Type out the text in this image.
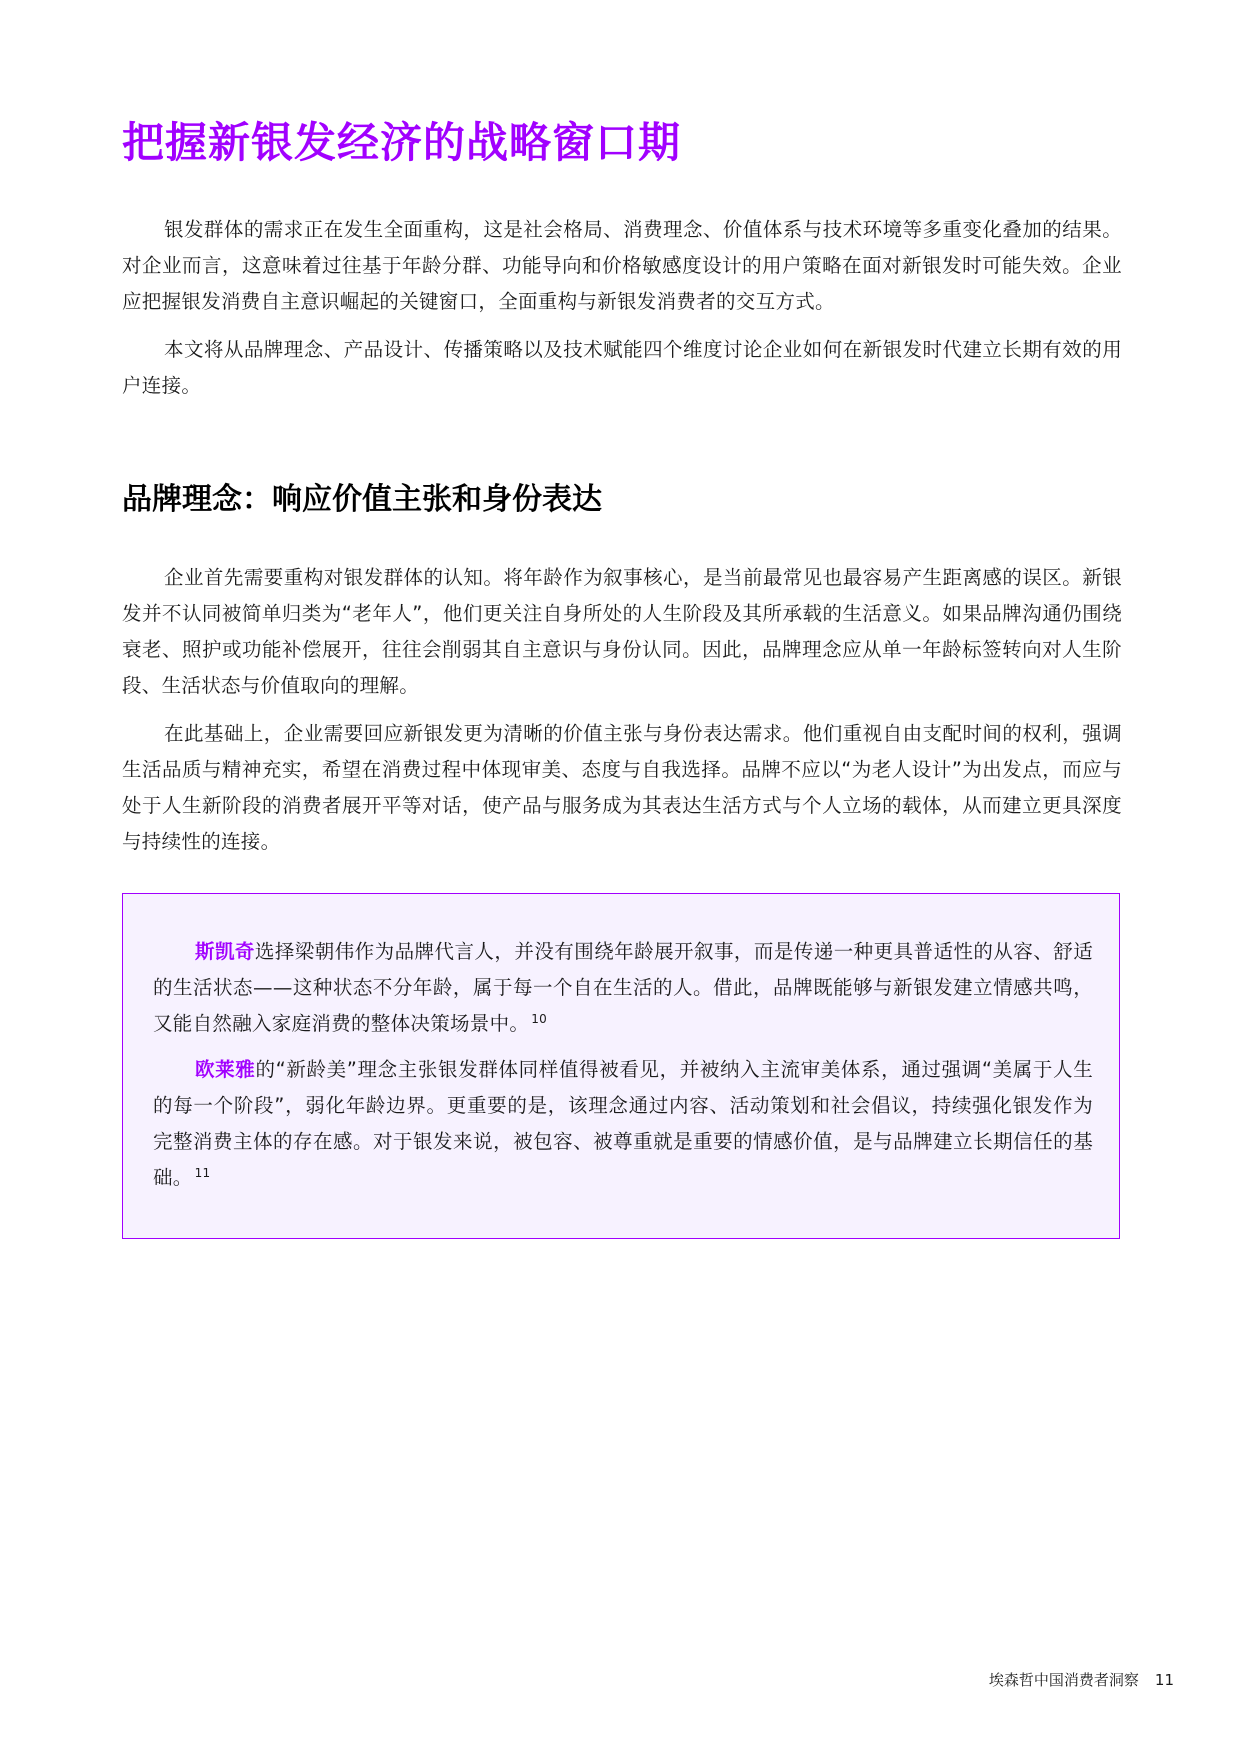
把握新银发经济的战略窗口期

银发群体的需求正在发生全面重构，这是社会格局、消费理念、价值体系与技术环境等多重变化叠加的结果。对企业而言，这意味着过往基于年龄分群、功能导向和价格敏感度设计的用户策略在面对新银发时可能失效。企业应把握银发消费自主意识崛起的关键窗口，全面重构与新银发消费者的交互方式。

本文将从品牌理念、产品设计、传播策略以及技术赋能四个维度讨论企业如何在新银发时代建立长期有效的用户连接。

品牌理念：响应价值主张和身份表达

企业首先需要重构对银发群体的认知。将年龄作为叙事核心，是当前最常见也最容易产生距离感的误区。新银发并不认同被简单归类为“老年人”，他们更关注自身所处的人生阶段及其所承载的生活意义。如果品牌沟通仍围绕衰老、照护或功能补偿展开，往往会削弱其自主意识与身份认同。因此，品牌理念应从单一年龄标签转向对人生阶段、生活状态与价值取向的理解。

在此基础上，企业需要回应新银发更为清晰的价值主张与身份表达需求。他们重视自由支配时间的权利，强调生活品质与精神充实，希望在消费过程中体现审美、态度与自我选择。品牌不应以“为老人设计”为出发点，而应与处于人生新阶段的消费者展开平等对话，使产品与服务成为其表达生活方式与个人立场的载体，从而建立更具深度与持续性的连接。

斯凯奇选择梁朝伟作为品牌代言人，并没有围绕年龄展开叙事，而是传递一种更具普适性的从容、舒适的生活状态——这种状态不分年龄，属于每一个自在生活的人。借此，品牌既能够与新银发建立情感共鸣，又能自然融入家庭消费的整体决策场景中。 $^{10}$

欧莱雅的“新龄美”理念主张银发群体同样值得被看见，并被纳入主流审美体系，通过强调“美属于人生的每一个阶段”，弱化年龄边界。更重要的是，该理念通过内容、活动策划和社会倡议，持续强化银发作为完整消费主体的存在感。对于银发来说，被包容、被尊重就是重要的情感价值，是与品牌建立长期信任的基础。 $^{11}$

埃森哲中国消费者洞察 11
